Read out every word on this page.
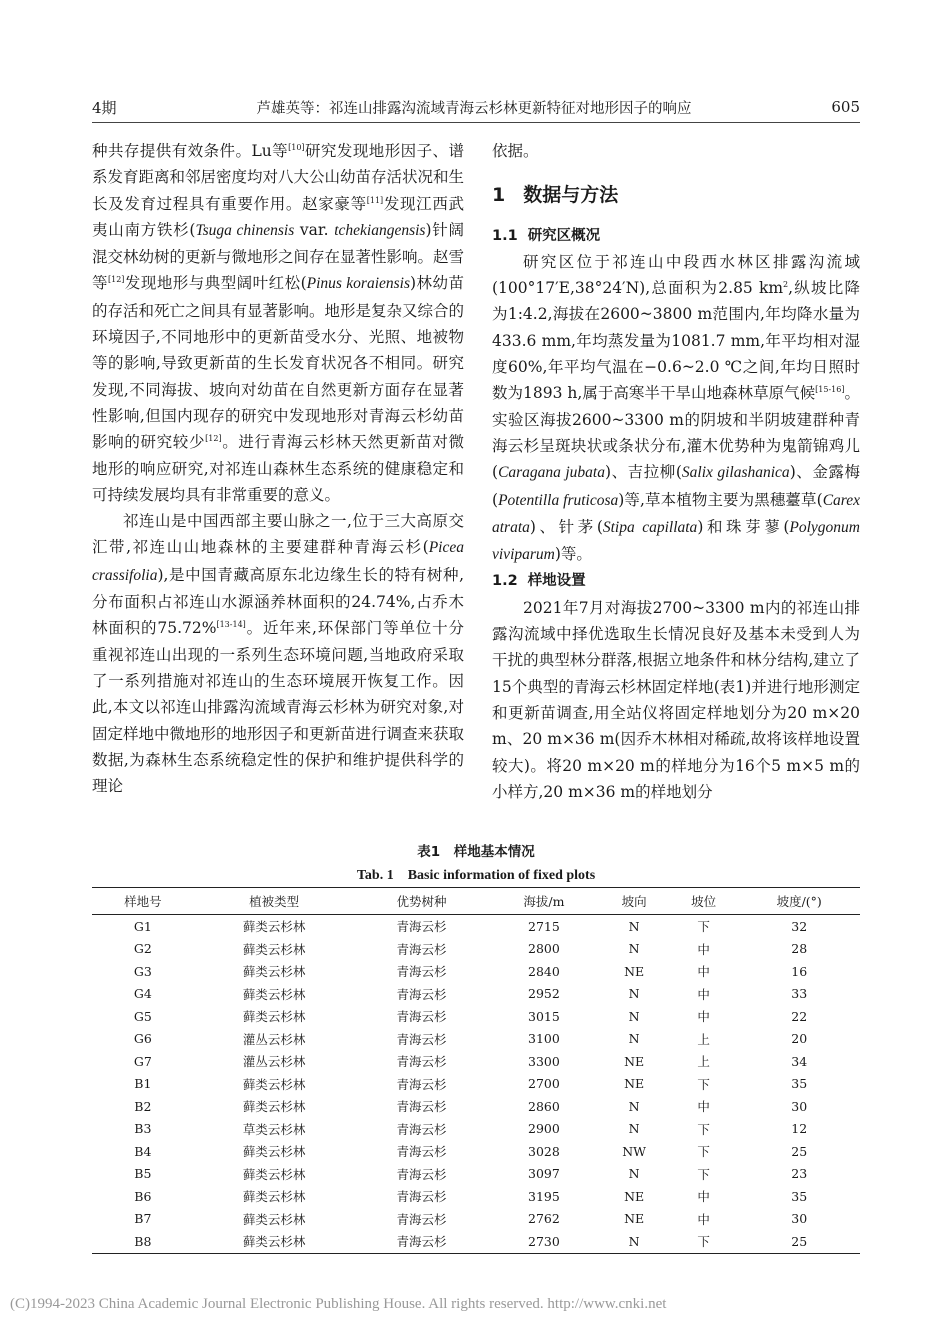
4期	芦雄英等：祁连山排露沟流域青海云杉林更新特征对地形因子的响应	605

种共存提供有效条件。Lu等[10]研究发现地形因子、谱系发育距离和邻居密度均对八大公山幼苗存活状况和生长及发育过程具有重要作用。赵家豪等[11]发现江西武夷山南方铁杉(Tsuga chinensis var. tchekiangensis)针阔混交林幼树的更新与微地形之间存在显著性影响。赵雪等[12]发现地形与典型阔叶红松(Pinus koraiensis)林幼苗的存活和死亡之间具有显著影响。地形是复杂又综合的环境因子,不同地形中的更新苗受水分、光照、地被物等的影响,导致更新苗的生长发育状况各不相同。研究发现,不同海拔、坡向对幼苗在自然更新方面存在显著性影响,但国内现存的研究中发现地形对青海云杉幼苗影响的研究较少[12]。进行青海云杉林天然更新苗对微地形的响应研究,对祁连山森林生态系统的健康稳定和可持续发展均具有非常重要的意义。

祁连山是中国西部主要山脉之一,位于三大高原交汇带,祁连山山地森林的主要建群种青海云杉(Picea crassifolia),是中国青藏高原东北边缘生长的特有树种,分布面积占祁连山水源涵养林面积的24.74%,占乔木林面积的75.72%[13-14]。近年来,环保部门等单位十分重视祁连山出现的一系列生态环境问题,当地政府采取了一系列措施对祁连山的生态环境展开恢复工作。因此,本文以祁连山排露沟流域青海云杉林为研究对象,对固定样地中微地形的地形因子和更新苗进行调查来获取数据,为森林生态系统稳定性的保护和维护提供科学的理论

依据。

1 数据与方法
1.1 研究区概况

研究区位于祁连山中段西水林区排露沟流域(100°17′E,38°24′N),总面积为2.85 $km^2$,纵坡比降为1:4.2,海拔在2600~3800 m范围内,年均降水量为433.6 mm,年均蒸发量为1081.7 mm,年平均相对湿度60%,年平均气温在−0.6~2.0 ℃之间,年均日照时数为1893 h,属于高寒半干旱山地森林草原气候[15-16]。实验区海拔2600~3300 m的阴坡和半阴坡建群种青海云杉呈斑块状或条状分布,灌木优势种为鬼箭锦鸡儿(Caragana jubata)、吉拉柳(Salix gilashanica)、金露梅(Potentilla fruticosa)等,草本植物主要为黑穗薹草(Carex atrata)、针茅(Stipa capillata)和珠芽蓼(Polygonum viviparum)等。

1.2 样地设置

2021年7月对海拔2700~3300 m内的祁连山排露沟流域中择优选取生长情况良好及基本未受到人为干扰的典型林分群落,根据立地条件和林分结构,建立了15个典型的青海云杉林固定样地(表1)并进行地形测定和更新苗调查,用全站仪将固定样地划分为20 m×20 m、20 m×36 m(因乔木林相对稀疏,故将该样地设置较大)。将20 m×20 m的样地分为16个5 m×5 m的小样方,20 m×36 m的样地划分

表1　样地基本情况
Tab. 1　Basic information of fixed plots
样地号	植被类型	优势树种	海拔/m	坡向	坡位	坡度/(°)
G1	藓类云杉林	青海云杉	2715	N	下	32
G2	藓类云杉林	青海云杉	2800	N	中	28
G3	藓类云杉林	青海云杉	2840	NE	中	16
G4	藓类云杉林	青海云杉	2952	N	中	33
G5	藓类云杉林	青海云杉	3015	N	中	22
G6	灌丛云杉林	青海云杉	3100	N	上	20
G7	灌丛云杉林	青海云杉	3300	NE	上	34
B1	藓类云杉林	青海云杉	2700	NE	下	35
B2	藓类云杉林	青海云杉	2860	N	中	30
B3	草类云杉林	青海云杉	2900	N	下	12
B4	藓类云杉林	青海云杉	3028	NW	下	25
B5	藓类云杉林	青海云杉	3097	N	下	23
B6	藓类云杉林	青海云杉	3195	NE	中	35
B7	藓类云杉林	青海云杉	2762	NE	中	30
B8	藓类云杉林	青海云杉	2730	N	下	25
(C)1994-2023 China Academic Journal Electronic Publishing House. All rights reserved. http://www.cnki.net
